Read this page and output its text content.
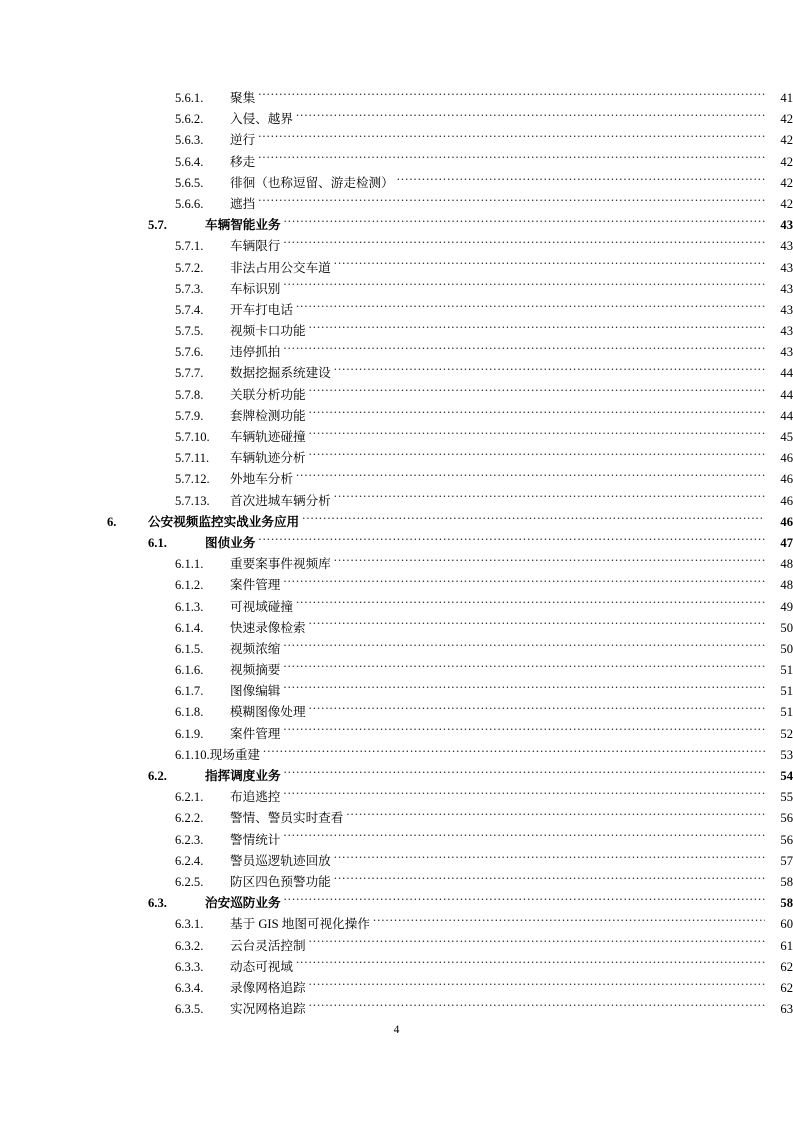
5.6.1.	聚集 .....	41
5.6.2.	入侵、越界 .....	42
5.6.3.	逆行 .....	42
5.6.4.	移走 .....	42
5.6.5.	徘徊（也称逗留、游走检测） .....	42
5.6.6.	遮挡 .....	42
5.7.	车辆智能业务 .....	43
5.7.1.	车辆限行 .....	43
5.7.2.	非法占用公交车道 .....	43
5.7.3.	车标识别 .....	43
5.7.4.	开车打电话 .....	43
5.7.5.	视频卡口功能 .....	43
5.7.6.	违停抓拍 .....	43
5.7.7.	数据挖掘系统建设 .....	44
5.7.8.	关联分析功能 .....	44
5.7.9.	套牌检测功能 .....	44
5.7.10.	车辆轨迹碰撞 .....	45
5.7.11.	车辆轨迹分析 .....	46
5.7.12.	外地车分析 .....	46
5.7.13.	首次进城车辆分析 .....	46
6.	公安视频监控实战业务应用 .....	46
6.1.	图侦业务 .....	47
6.1.1.	重要案事件视频库 .....	48
6.1.2.	案件管理 .....	48
6.1.3.	可视域碰撞 .....	49
6.1.4.	快速录像检索 .....	50
6.1.5.	视频浓缩 .....	50
6.1.6.	视频摘要 .....	51
6.1.7.	图像编辑 .....	51
6.1.8.	模糊图像处理 .....	51
6.1.9.	案件管理 .....	52
6.1.10. 现场重建 .....	53
6.2.	指挥调度业务 .....	54
6.2.1.	布追逃控 .....	55
6.2.2.	警情、警员实时查看 .....	56
6.2.3.	警情统计 .....	56
6.2.4.	警员巡逻轨迹回放 .....	57
6.2.5.	防区四色预警功能 .....	58
6.3.	治安巡防业务 .....	58
6.3.1.	基于 GIS 地图可视化操作 .....	60
6.3.2.	云台灵活控制 .....	61
6.3.3.	动态可视域 .....	62
6.3.4.	录像网格追踪 .....	62
6.3.5.	实况网格追踪 .....	63
4
